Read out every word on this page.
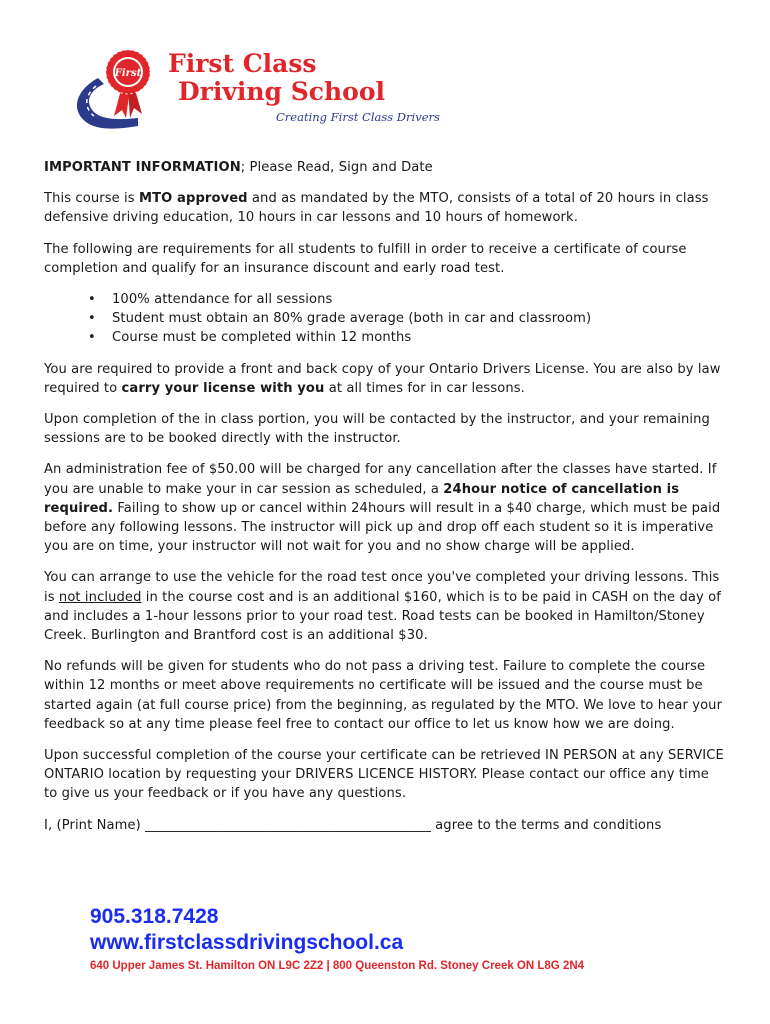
First First Class
Driving School
Creating First Class Drivers

IMPORTANT INFORMATION; Please Read, Sign and Date

This course is MTO approved and as mandated by the MTO, consists of a total of 20 hours in class defensive driving education, 10 hours in car lessons and 10 hours of homework.

The following are requirements for all students to fulfill in order to receive a certificate of course completion and qualify for an insurance discount and early road test.

• 100% attendance for all sessions
• Student must obtain an 80% grade average (both in car and classroom)
• Course must be completed within 12 months

You are required to provide a front and back copy of your Ontario Drivers License. You are also by law required to carry your license with you at all times for in car lessons.

Upon completion of the in class portion, you will be contacted by the instructor, and your remaining sessions are to be booked directly with the instructor.

An administration fee of $50.00 will be charged for any cancellation after the classes have started. If you are unable to make your in car session as scheduled, a 24hour notice of cancellation is required. Failing to show up or cancel within 24hours will result in a $40 charge, which must be paid before any following lessons. The instructor will pick up and drop off each student so it is imperative you are on time, your instructor will not wait for you and no show charge will be applied.

You can arrange to use the vehicle for the road test once you've completed your driving lessons. This is not included in the course cost and is an additional $160, which is to be paid in CASH on the day of and includes a 1-hour lessons prior to your road test. Road tests can be booked in Hamilton/Stoney Creek. Burlington and Brantford cost is an additional $30.

No refunds will be given for students who do not pass a driving test. Failure to complete the course within 12 months or meet above requirements no certificate will be issued and the course must be started again (at full course price) from the beginning, as regulated by the MTO. We love to hear your feedback so at any time please feel free to contact our office to let us know how we are doing.

Upon successful completion of the course your certificate can be retrieved IN PERSON at any SERVICE ONTARIO location by requesting your DRIVERS LICENCE HISTORY. Please contact our office any time to give us your feedback or if you have any questions.

I, (Print Name) ___________________________________________ agree to the terms and conditions

905.318.7428
www.firstclassdrivingschool.ca
640 Upper James St. Hamilton ON L9C 2Z2 | 800 Queenston Rd. Stoney Creek ON L8G 2N4
